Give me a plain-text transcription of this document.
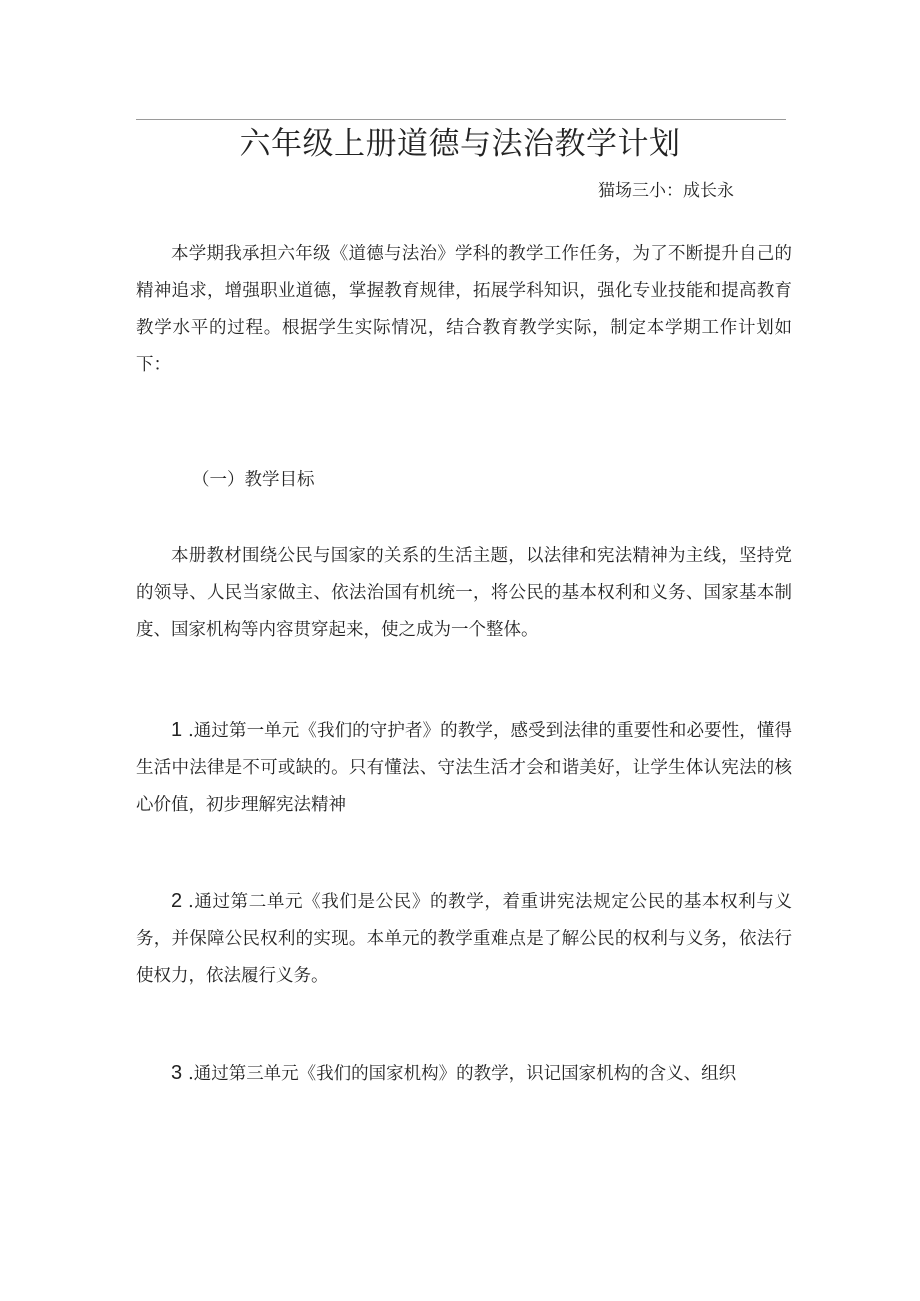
六年级上册道德与法治教学计划
猫场三小：成长永

本学期我承担六年级《道德与法治》学科的教学工作任务，为了不断提升自己的精神追求，增强职业道德，掌握教育规律，拓展学科知识，强化专业技能和提高教育教学水平的过程。根据学生实际情况，结合教育教学实际，制定本学期工作计划如下：

（一）教学目标

本册教材围绕公民与国家的关系的生活主题，以法律和宪法精神为主线，坚持党的领导、人民当家做主、依法治国有机统一，将公民的基本权利和义务、国家基本制度、国家机构等内容贯穿起来，使之成为一个整体。

1 .通过第一单元《我们的守护者》的教学，感受到法律的重要性和必要性，懂得生活中法律是不可或缺的。只有懂法、守法生活才会和谐美好，让学生体认宪法的核心价值，初步理解宪法精神

2 .通过第二单元《我们是公民》的教学，着重讲宪法规定公民的基本权利与义务，并保障公民权利的实现。本单元的教学重难点是了解公民的权利与义务，依法行使权力，依法履行义务。

3 .通过第三单元《我们的国家机构》的教学，识记国家机构的含义、组织
